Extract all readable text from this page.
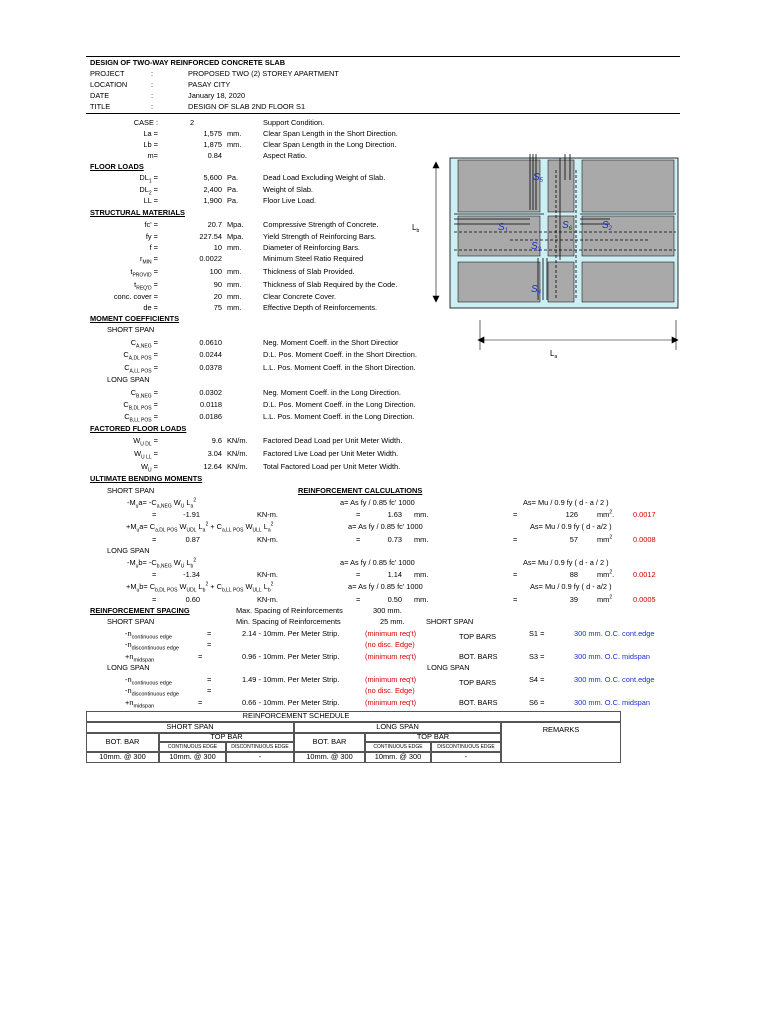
DESIGN OF TWO-WAY REINFORCED CONCRETE SLAB
PROJECT	:	PROPOSED TWO (2) STOREY APARTMENT
LOCATION	:	PASAY CITY
DATE	:	January 18, 2020
TITLE	:	DESIGN OF SLAB 2ND FLOOR S1
CASE :	2	Support Condition.
La =	1,575 mm.	Clear Span Length in the Short Direction.
Lb =	1,875 mm.	Clear Span Length in the Long Direction.
m=	0.84	Aspect Ratio.
FLOOR LOADS
$DL_1$ =	5,600 Pa.	Dead Load Excluding Weight of Slab.
$DL_2$ =	2,400 Pa.	Weight of Slab.
LL =	1,900 Pa.	Floor Live Load.
STRUCTURAL MATERIALS
fc' =	20.7 Mpa.	Compressive Strength of Concrete.
fy =	227.54 Mpa.	Yield Strength of Reinforcing Bars.
f =	10 mm.	Diameter of Reinforcing Bars.
$r_{MIN}$ =	0.0022	Minimum Steel Ratio Required
$t_{PROVID}$ =	100 mm.	Thickness of Slab Provided.
$t_{REQ'D}$ =	90 mm.	Thickness of Slab Required by the Code.
conc. cover =	20 mm.	Clear Concrete Cover.
de =	75 mm.	Effective Depth of Reinforcements.
MOMENT COEFFICIENTS
SHORT SPAN
$C_{A,NEG}$ =	0.0610	Neg. Moment Coeff. in the Short Directior
$C_{A,DL POS}$ =	0.0244	D.L. Pos. Moment Coeff. in the Short Direction.
$C_{A,LL POS}$ =	0.0378	L.L. Pos. Moment Coeff. in the Short Direction.
LONG SPAN
$C_{B,NEG}$ =	0.0302	Neg. Moment Coeff. in the Long Direction.
$C_{B,DL POS}$ =	0.0118	D.L. Pos. Moment Coeff. in the Long Direction.
$C_{B,LL POS}$ =	0.0186	L.L. Pos. Moment Coeff. in the Long Direction.
FACTORED FLOOR LOADS
$W_{U DL}$ =	9.6 KN/m. Factored Dead Load per Unit Meter Width.
$W_{U LL}$ =	3.04 KN/m. Factored Live Load per Unit Meter Width.
$W_U$ =	12.64 KN/m. Total Factored Load per Unit Meter Width.
ULTIMATE BENDING MOMENTS
SHORT SPAN	REINFORCEMENT CALCULATIONS
$-M_ua= -C_{a,NEG}$ $W_U$ $L_a^2$	a= As fy / 0.85 fc' 1000	As= Mu / 0.9 fy ( d - a / 2 )
=	-1.91	KN-m.	=	1.63 mm.	=	126	$mm^2$.	0.0017
$+M_ua= C_{a,DL POS}$ $W_{UDL}$ $L_a^2 + C_{a,LL POS}$ $W_{ULL}$ $L_a^2$	a= As fy / 0.85 fc' 1000	As= Mu / 0.9 fy ( d - a/2 )
=	0.87	KN-m.	=	0.73 mm.	=	57	$mm^2$	0.0008
LONG SPAN
$-M_ub= -C_{b,NEG}$ $W_U$ $L_b^2$	a= As fy / 0.85 fc' 1000	As= Mu / 0.9 fy ( d - a / 2 )
=	-1.34	KN-m.	=	1.14 mm.	=	88	$mm^2$.	0.0012
$+M_ub= C_{b,DL POS}$ $W_{UDL}$ $L_b^2 + C_{b,LL POS}$ $W_{ULL}$ $L_b^2$	a= As fy / 0.85 fc' 1000	As= Mu / 0.9 fy ( d - a/2 )
=	0.60	KN-m.	=	0.50 mm.	=	39	$mm^2$	0.0005
REINFORCEMENT SPACING	Max. Spacing of Reinforcements	300 mm.
SHORT SPAN	Min. Spacing of Reinforcements	25 mm.	SHORT SPAN
$-n_{continuous edge}$	=	2.14 - 10mm. Per Meter Strip.	(minimum req't)	TOP BARS	S1 =	300 mm. O.C. cont.edge
$-n_{discontinuous edge}$	=	(no disc. Edge)
$+n_{midspan}$	=	0.96 - 10mm. Per Meter Strip.	(minimum req't)	BOT. BARS	S3 =	300 mm. O.C. midspan
LONG SPAN	LONG SPAN
$-n_{continuous edge}$	=	1.49 - 10mm. Per Meter Strip.	(minimum req't)	TOP BARS	S4 =	300 mm. O.C. cont.edge
$-n_{discontinuous edge}$	=	(no disc. Edge)
$+n_{midspan}$	=	0.66 - 10mm. Per Meter Strip.	(minimum req't)	BOT. BARS	S6 =	300 mm. O.C. midspan
REINFORCEMENT SCHEDULE
SHORT SPAN	LONG SPAN	REMARKS
BOT. BAR
TOP BAR
CONTINUOUS EDGE	DISCONTINUOUS EDGE
BOT. BAR
TOP BAR
CONTINUOUS EDGE	DISCONTINUOUS EDGE
10mm. @ 300	10mm. @ 300	-	10mm. @ 300	10mm. @ 300	-
$S_5$
$S_1$	$S_6$	$S_2$
$S_3$
$S_4$
$L_b$
$L_a$
